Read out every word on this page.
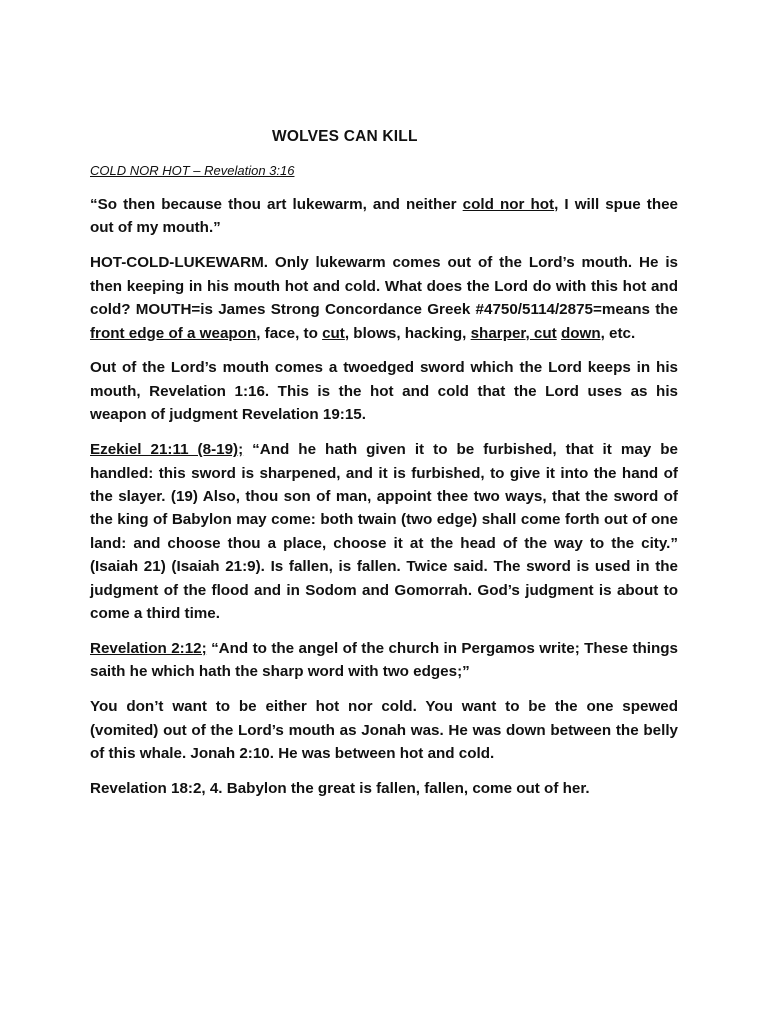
WOLVES CAN KILL
COLD NOR HOT – Revelation 3:16

“So then because thou art lukewarm, and neither cold nor hot, I will spue thee out of my mouth.”

HOT-COLD-LUKEWARM. Only lukewarm comes out of the Lord’s mouth. He is then keeping in his mouth hot and cold. What does the Lord do with this hot and cold? MOUTH=is James Strong Concordance Greek #4750/5114/2875=means the front edge of a weapon, face, to cut, blows, hacking, sharper, cut down, etc.

Out of the Lord’s mouth comes a twoedged sword which the Lord keeps in his mouth, Revelation 1:16. This is the hot and cold that the Lord uses as his weapon of judgment Revelation 19:15.

Ezekiel 21:11 (8-19); “And he hath given it to be furbished, that it may be handled: this sword is sharpened, and it is furbished, to give it into the hand of the slayer. (19) Also, thou son of man, appoint thee two ways, that the sword of the king of Babylon may come: both twain (two edge) shall come forth out of one land: and choose thou a place, choose it at the head of the way to the city.” (Isaiah 21) (Isaiah 21:9). Is fallen, is fallen. Twice said. The sword is used in the judgment of the flood and in Sodom and Gomorrah. God’s judgment is about to come a third time.

Revelation 2:12; “And to the angel of the church in Pergamos write; These things saith he which hath the sharp word with two edges;”

You don’t want to be either hot nor cold. You want to be the one spewed (vomited) out of the Lord’s mouth as Jonah was. He was down between the belly of this whale. Jonah 2:10. He was between hot and cold.

Revelation 18:2, 4. Babylon the great is fallen, fallen, come out of her.
